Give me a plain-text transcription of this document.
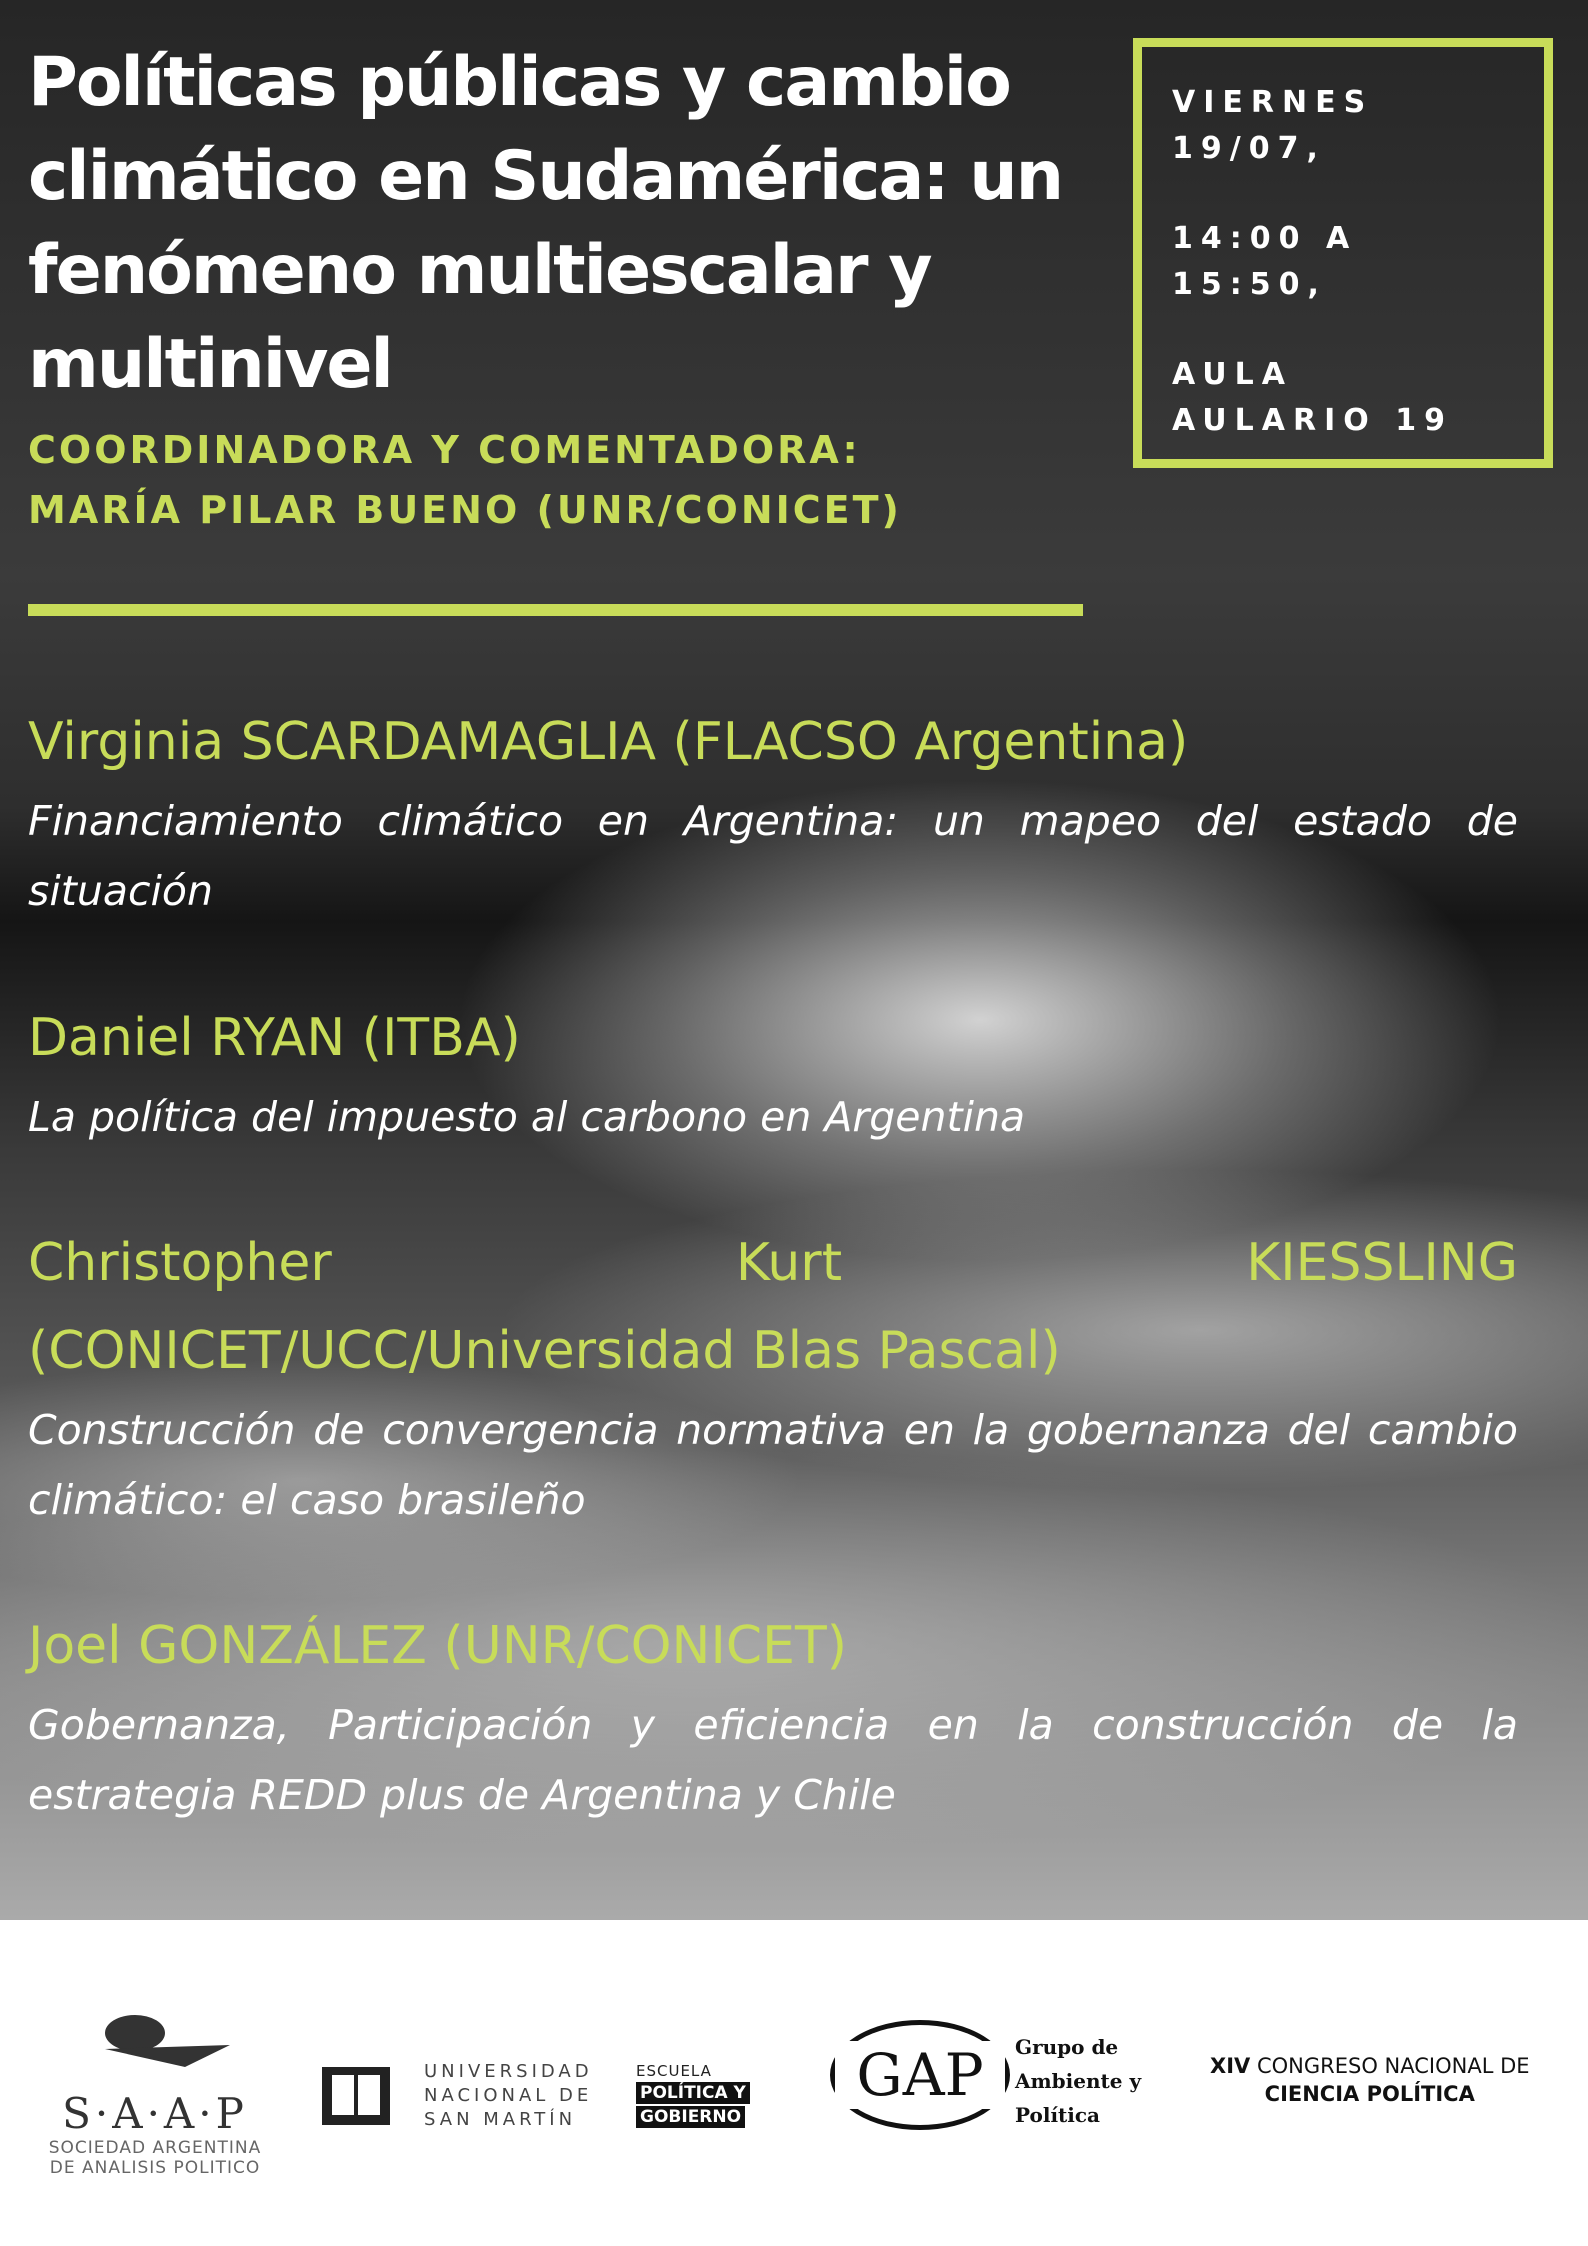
Políticas públicas y cambio climático en Sudamérica: un fenómeno multiescalar y multinivel
COORDINADORA Y COMENTADORA:
MARÍA PILAR BUENO (UNR/CONICET)

VIERNES
19/07,

14:00 A
15:50,

AULA
AULARIO 19

Virginia SCARDAMAGLIA (FLACSO Argentina)

Financiamiento climático en Argentina: un mapeo del estado de situación

Daniel RYAN (ITBA)

La política del impuesto al carbono en Argentina

Christopher	Kurt	KIESSLING
(CONICET/UCC/Universidad Blas Pascal)

Construcción de convergencia normativa en la gobernanza del cambio climático: el caso brasileño

Joel GONZÁLEZ (UNR/CONICET)

Gobernanza, Participación y eficiencia en la construcción de la estrategia REDD plus de Argentina y Chile

S·A·A·P
SOCIEDAD ARGENTINA
DE ANALISIS POLITICO
UNIVERSIDAD
NACIONAL DE
SAN MARTÍN
ESCUELA
POLÍTICA Y
GOBIERNO
GAP	Grupo de
Ambiente y
Política
XIV CONGRESO NACIONAL DE
CIENCIA POLÍTICA
